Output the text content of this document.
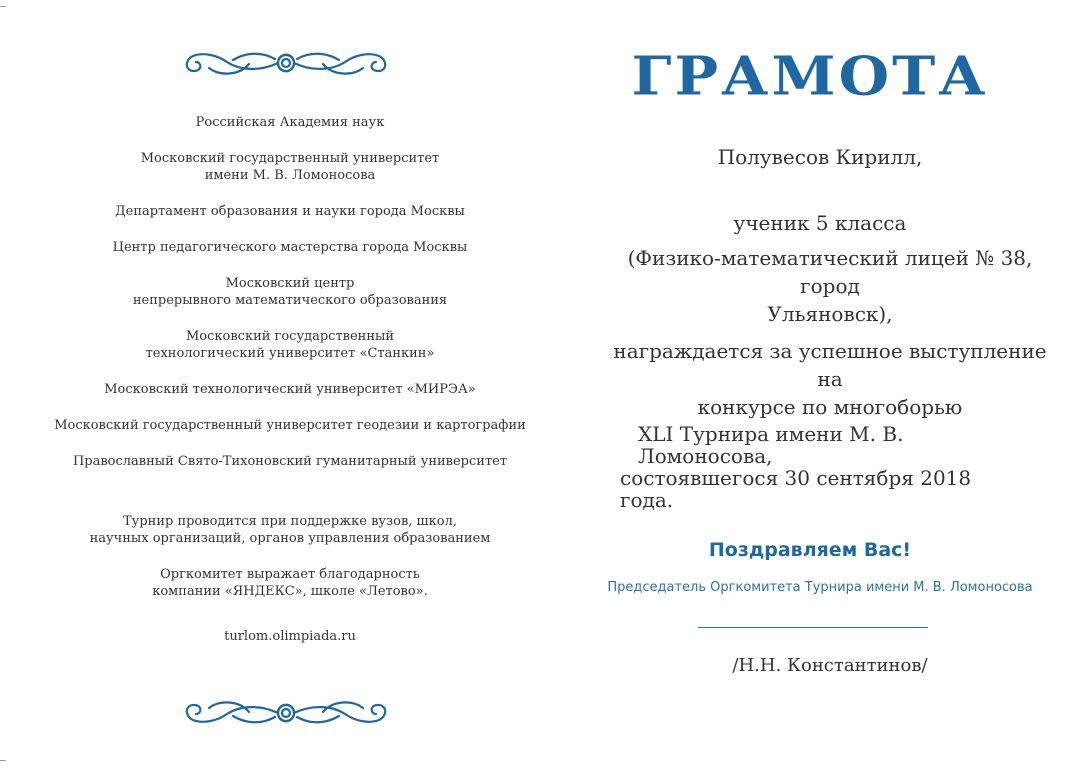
Российская Академия наук
Московский государственный университет
имени М. В. Ломоносова
Департамент образования и науки города Москвы
Центр педагогического мастерства города Москвы
Московский центр
непрерывного математического образования
Московский государственный
технологический университет «Станкин»
Московский технологический университет «МИРЭА»
Московский государственный университет геодезии и картографии
Православный Свято-Тихоновский гуманитарный университет
Турнир проводится при поддержке вузов, школ,
научных организаций, органов управления образованием
Оргкомитет выражает благодарность
компании «ЯНДЕКС», школе «Летово».
turlom.olimpiada.ru
ГРАМОТА
Полувесов Кирилл,
ученик 5 класса
(Физико-математический лицей № 38, город
Ульяновск),
награждается за успешное выступление на
конкурсе по многоборью
XLI Турнира имени М. В. Ломоносова,
состоявшегося 30 сентября 2018 года.
Поздравляем Вас!
Председатель Оргкомитета Турнира имени М. В. Ломоносова
/Н.Н. Константинов/
